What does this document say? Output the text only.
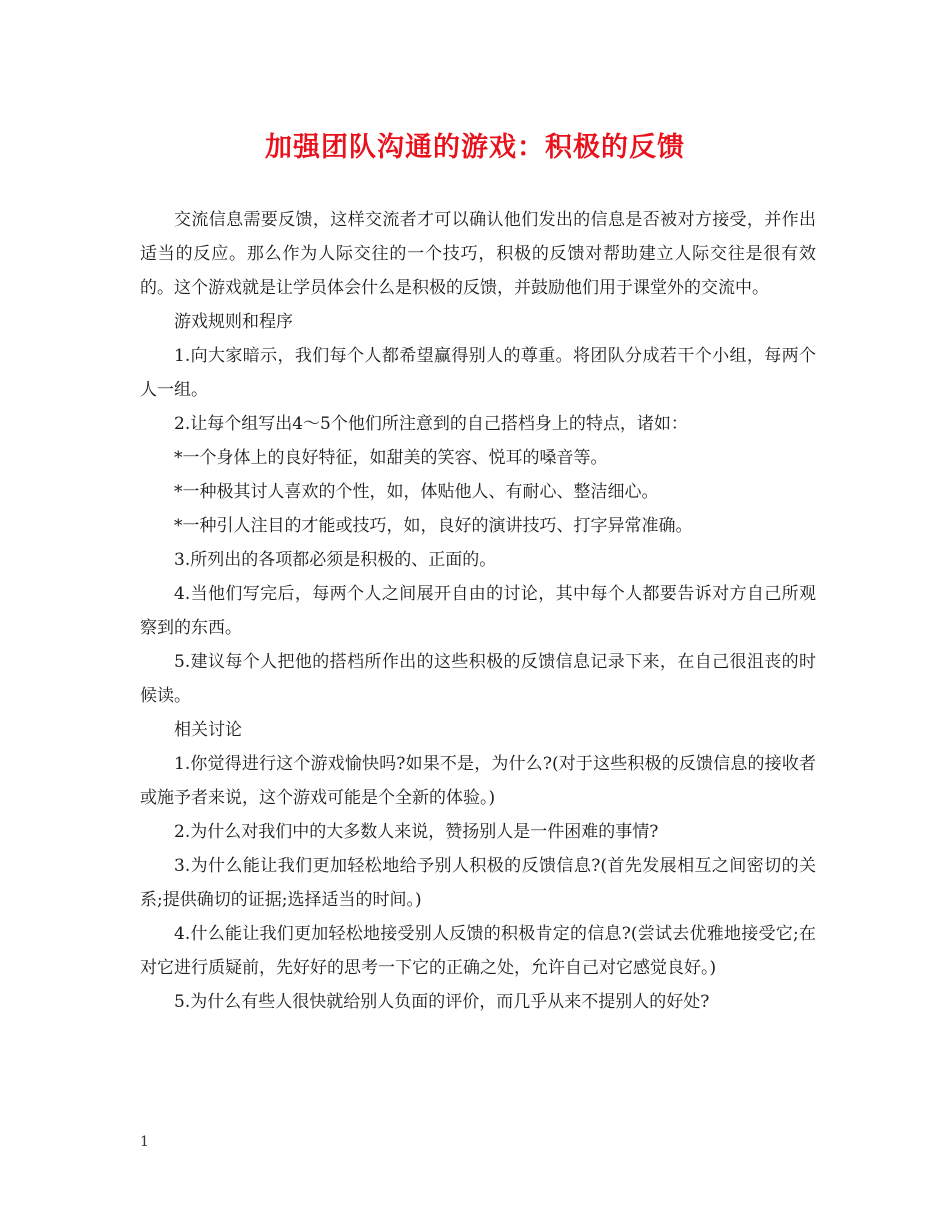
加强团队沟通的游戏：积极的反馈

交流信息需要反馈，这样交流者才可以确认他们发出的信息是否被对方接受，并作出适当的反应。那么作为人际交往的一个技巧，积极的反馈对帮助建立人际交往是很有效的。这个游戏就是让学员体会什么是积极的反馈，并鼓励他们用于课堂外的交流中。

游戏规则和程序

1.向大家暗示，我们每个人都希望赢得别人的尊重。将团队分成若干个小组，每两个人一组。

2.让每个组写出4～5个他们所注意到的自己搭档身上的特点，诸如：

*一个身体上的良好特征，如甜美的笑容、悦耳的嗓音等。

*一种极其讨人喜欢的个性，如，体贴他人、有耐心、整洁细心。

*一种引人注目的才能或技巧，如，良好的演讲技巧、打字异常准确。

3.所列出的各项都必须是积极的、正面的。

4.当他们写完后，每两个人之间展开自由的讨论，其中每个人都要告诉对方自己所观察到的东西。

5.建议每个人把他的搭档所作出的这些积极的反馈信息记录下来，在自己很沮丧的时候读。

相关讨论

1.你觉得进行这个游戏愉快吗?如果不是，为什么?(对于这些积极的反馈信息的接收者或施予者来说，这个游戏可能是个全新的体验。)

2.为什么对我们中的大多数人来说，赞扬别人是一件困难的事情?

3.为什么能让我们更加轻松地给予别人积极的反馈信息?(首先发展相互之间密切的关系;提供确切的证据;选择适当的时间。)

4.什么能让我们更加轻松地接受别人反馈的积极肯定的信息?(尝试去优雅地接受它;在对它进行质疑前，先好好的思考一下它的正确之处，允许自己对它感觉良好。)

5.为什么有些人很快就给别人负面的评价，而几乎从来不提别人的好处?

1
